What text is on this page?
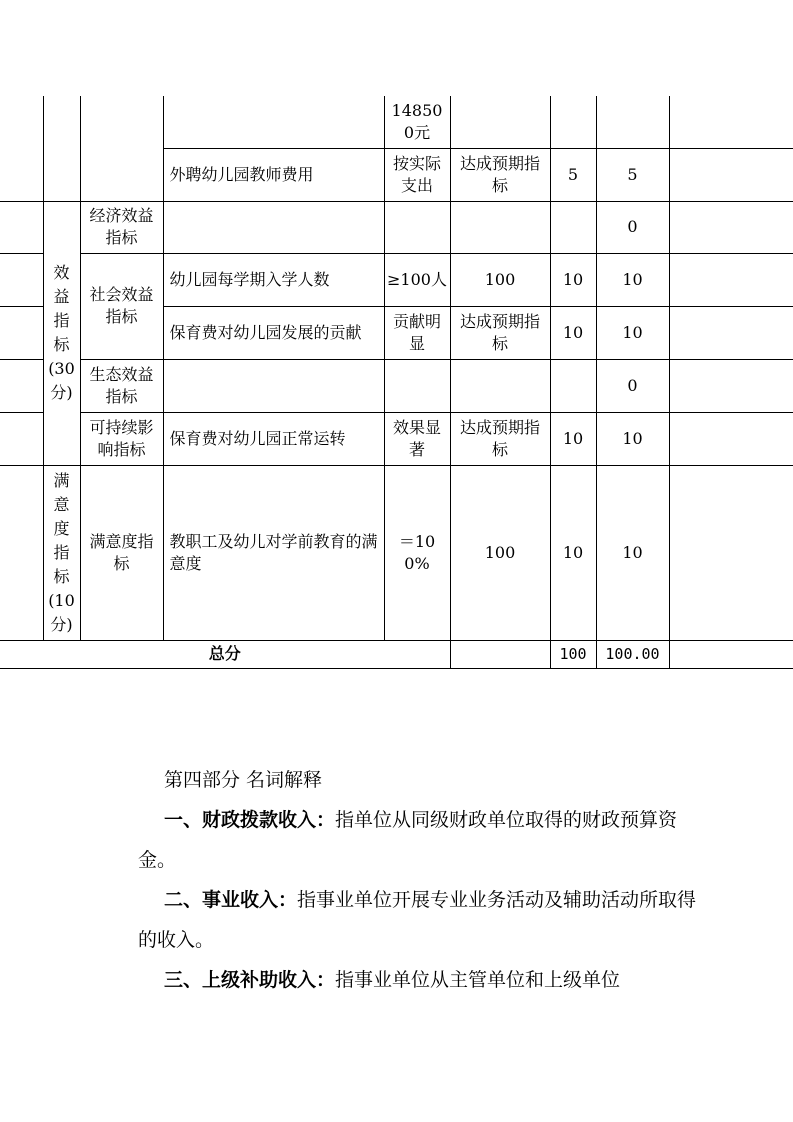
				148500元				
			外聘幼儿园教师费用	按实际支出	达成预期指标	5	5	
	效益指标(30分)	经济效益指标					0	
		社会效益指标	幼儿园每学期入学人数	≥100人	100	10	10	
			保育费对幼儿园发展的贡献	贡献明显	达成预期指标	10	10	
		生态效益指标					0	
		可持续影响指标	保育费对幼儿园正常运转	效果显著	达成预期指标	10	10	
	满意度指标(10分)	满意度指标	教职工及幼儿对学前教育的满意度	＝100%	100	10	10	
总分						100	100.00	

第四部分 名词解释

一、财政拨款收入：指单位从同级财政单位取得的财政预算资金。

二、事业收入：指事业单位开展专业业务活动及辅助活动所取得的收入。

三、上级补助收入：指事业单位从主管单位和上级单位
